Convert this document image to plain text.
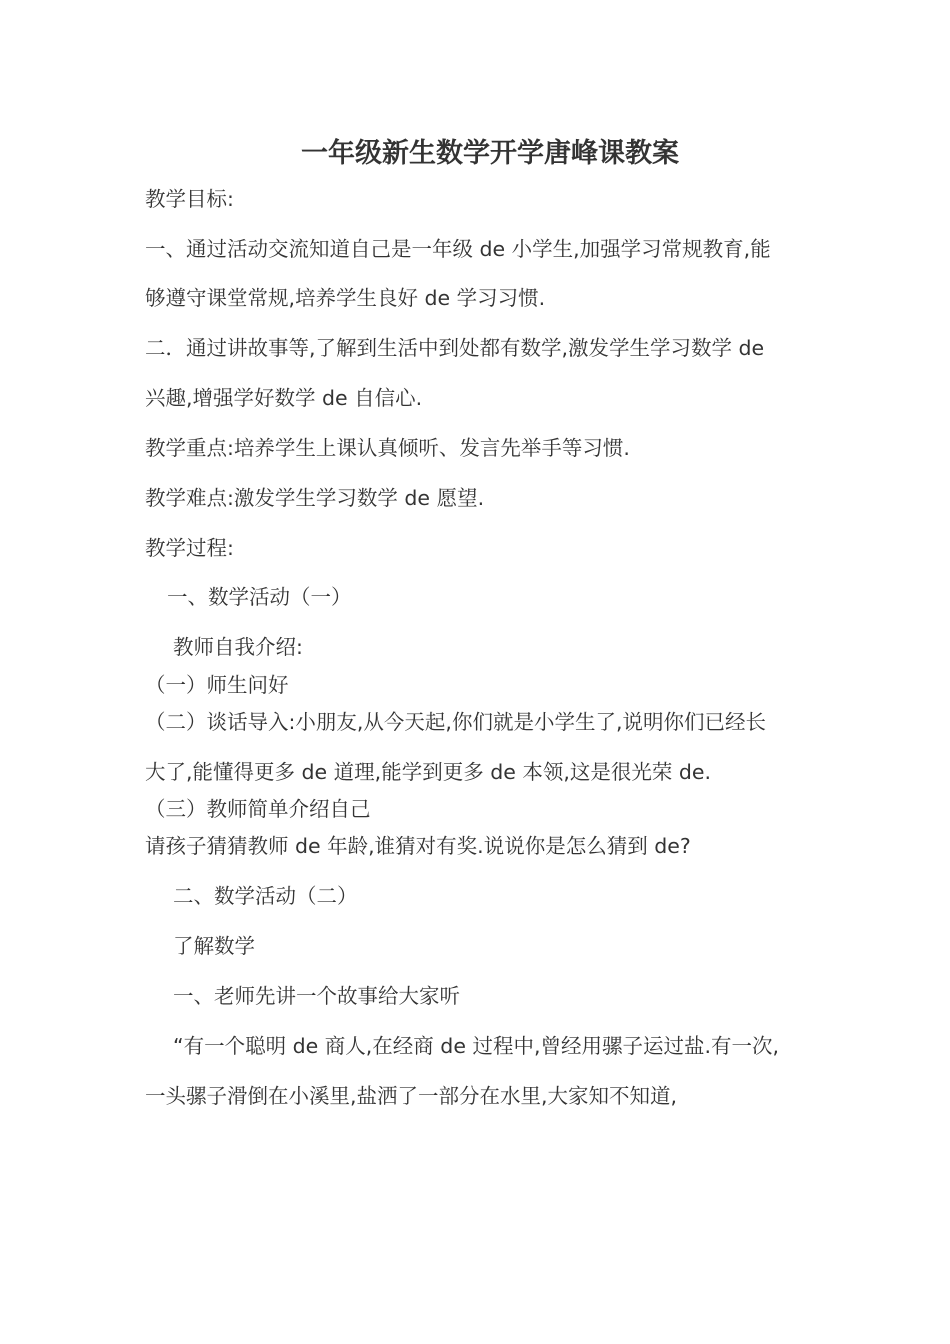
一年级新生数学开学唐峰课教案
教学目标:
一、通过活动交流知道自己是一年级 de 小学生,加强学习常规教育,能
够遵守课堂常规,培养学生良好 de 学习习惯.
二．通过讲故事等,了解到生活中到处都有数学,激发学生学习数学 de
兴趣,增强学好数学 de 自信心.
教学重点:培养学生上课认真倾听、发言先举手等习惯.
教学难点:激发学生学习数学 de 愿望.
教学过程:
一、数学活动（一）
教师自我介绍:
（一）师生问好
（二）谈话导入:小朋友,从今天起,你们就是小学生了,说明你们已经长
大了,能懂得更多 de 道理,能学到更多 de 本领,这是很光荣 de.
（三）教师简单介绍自己
请孩子猜猜教师 de 年龄,谁猜对有奖.说说你是怎么猜到 de?
二、数学活动（二）
了解数学
一、老师先讲一个故事给大家听
“有一个聪明 de 商人,在经商 de 过程中,曾经用骡子运过盐.有一次,
一头骡子滑倒在小溪里,盐洒了一部分在水里,大家知不知道,
